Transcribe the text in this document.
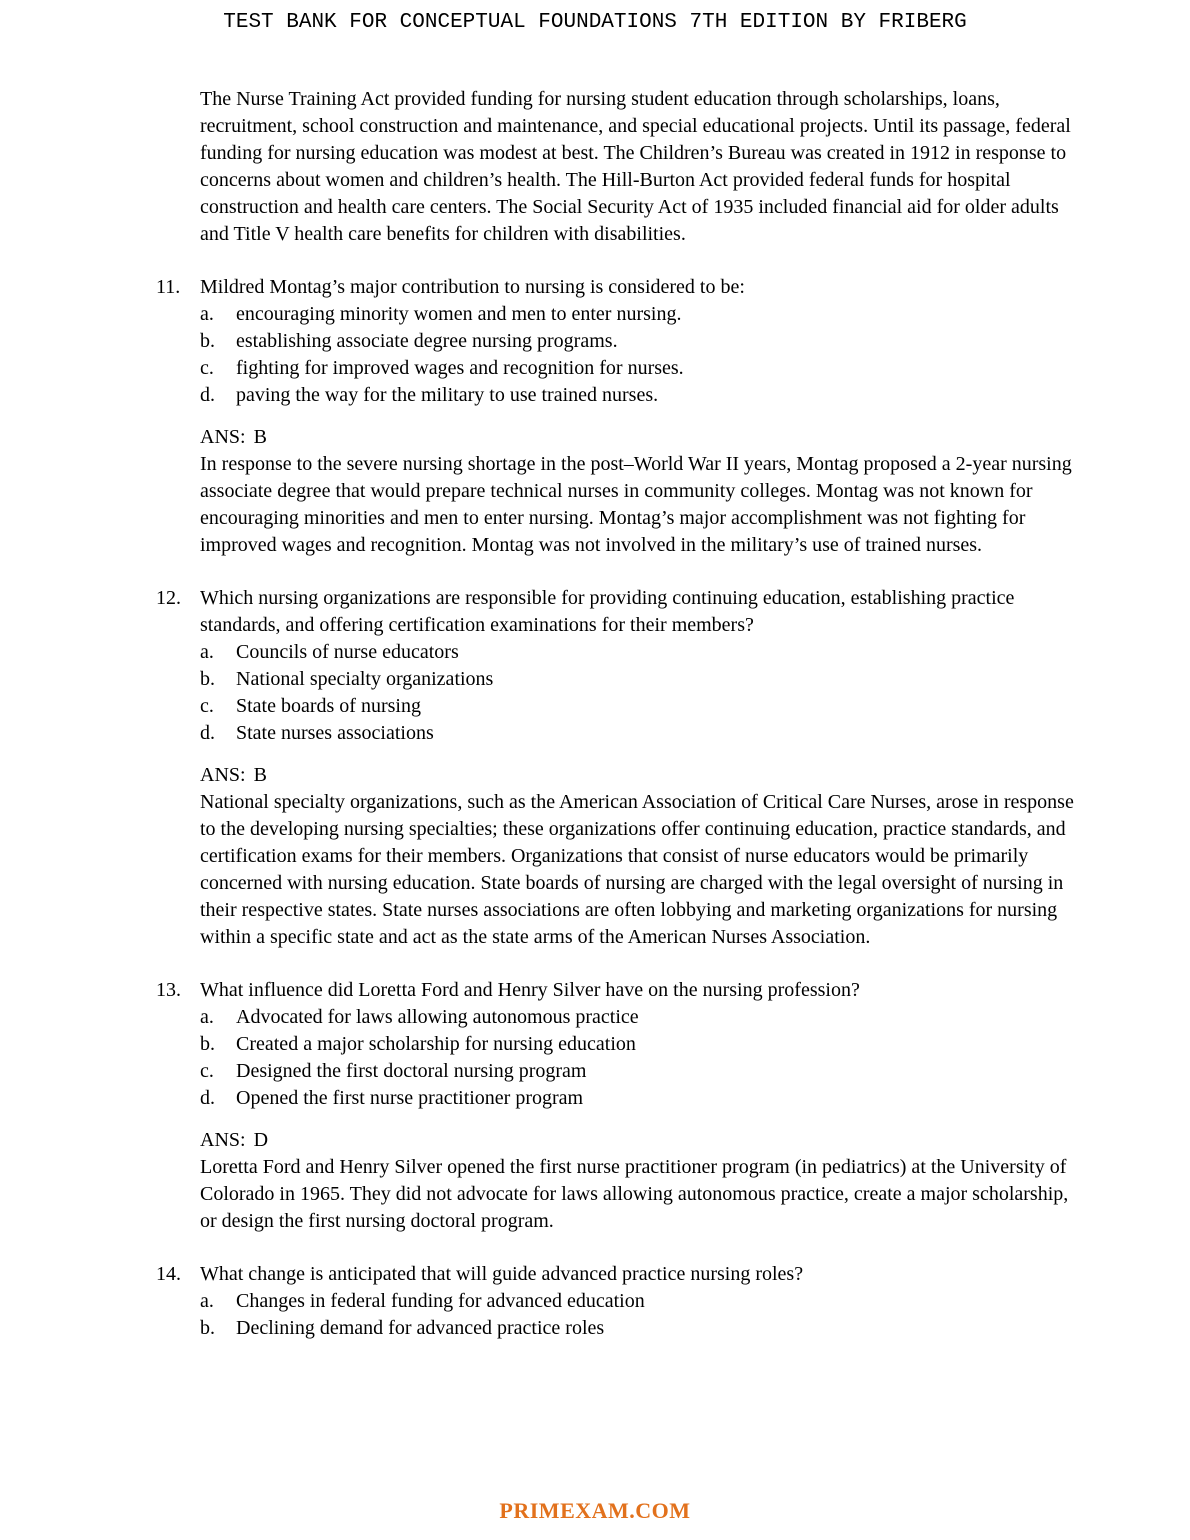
TEST BANK FOR CONCEPTUAL FOUNDATIONS 7TH EDITION BY FRIBERG
The Nurse Training Act provided funding for nursing student education through scholarships, loans, recruitment, school construction and maintenance, and special educational projects. Until its passage, federal funding for nursing education was modest at best. The Children’s Bureau was created in 1912 in response to concerns about women and children’s health. The Hill-Burton Act provided federal funds for hospital construction and health care centers. The Social Security Act of 1935 included financial aid for older adults and Title V health care benefits for children with disabilities.
11. Mildred Montag’s major contribution to nursing is considered to be:
a.	encouraging minority women and men to enter nursing.
b.	establishing associate degree nursing programs.
c.	fighting for improved wages and recognition for nurses.
d.	paving the way for the military to use trained nurses.
ANS: B
In response to the severe nursing shortage in the post–World War II years, Montag proposed a 2-year nursing associate degree that would prepare technical nurses in community colleges. Montag was not known for encouraging minorities and men to enter nursing. Montag’s major accomplishment was not fighting for improved wages and recognition. Montag was not involved in the military’s use of trained nurses.
12. Which nursing organizations are responsible for providing continuing education, establishing practice standards, and offering certification examinations for their members?
a.	Councils of nurse educators
b.	National specialty organizations
c.	State boards of nursing
d.	State nurses associations
ANS: B
National specialty organizations, such as the American Association of Critical Care Nurses, arose in response to the developing nursing specialties; these organizations offer continuing education, practice standards, and certification exams for their members. Organizations that consist of nurse educators would be primarily concerned with nursing education. State boards of nursing are charged with the legal oversight of nursing in their respective states. State nurses associations are often lobbying and marketing organizations for nursing within a specific state and act as the state arms of the American Nurses Association.
13. What influence did Loretta Ford and Henry Silver have on the nursing profession?
a.	Advocated for laws allowing autonomous practice
b.	Created a major scholarship for nursing education
c.	Designed the first doctoral nursing program
d.	Opened the first nurse practitioner program
ANS: D
Loretta Ford and Henry Silver opened the first nurse practitioner program (in pediatrics) at the University of Colorado in 1965. They did not advocate for laws allowing autonomous practice, create a major scholarship, or design the first nursing doctoral program.
14. What change is anticipated that will guide advanced practice nursing roles?
a.	Changes in federal funding for advanced education
b.	Declining demand for advanced practice roles
PRIMEXAM.COM
